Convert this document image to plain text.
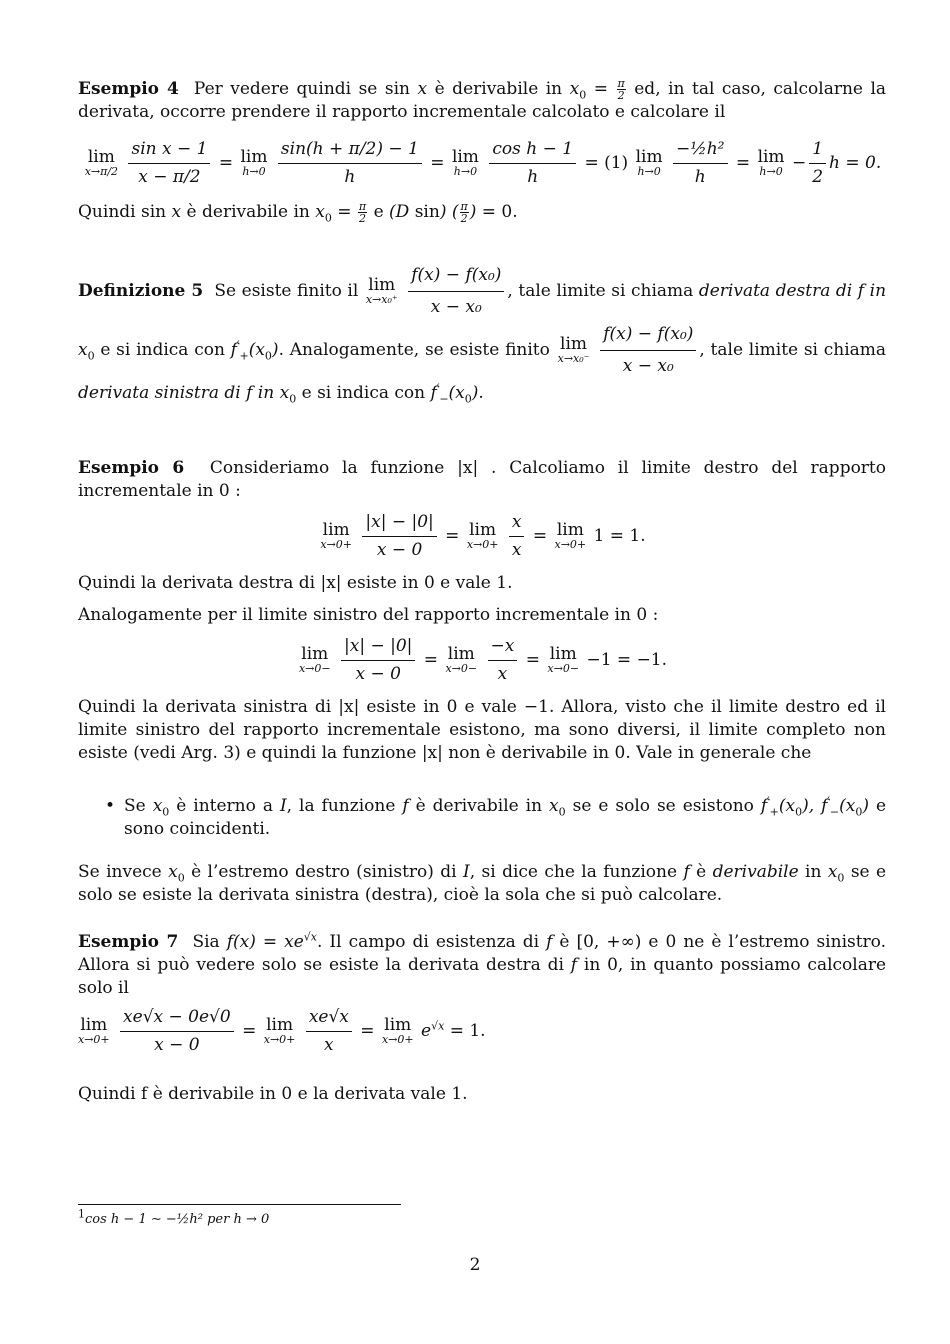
Esempio 4 Per vedere quindi se sin x è derivabile in $x_0 = \frac{\pi}{2}$ ed, in tal caso, calcolarne la derivata, occorre prendere il rapporto incrementale calcolato e calcolare il

lim
x→π/2
$\frac{\text{sin x − 1}}{x - \pi/2} = \lim$
h→0
$\frac{\sin(h + \pi/2) - 1}{h} = \lim$
h→0
$\frac{\text{cos h − 1}}{h} = (1)$ lim
h→0
$\frac{\text{−½h²}}{h} = \lim$
$h\to 0 - \frac{1}{2}$ h = 0.

Quindi sin x è derivabile in $x_0 = \frac{\pi}{2}$ e (D sin) ( $\frac{\pi}{2}$ ) = 0.

Definizione 5 Se esiste finito il lim
x→x₀⁺
$\frac{\text{f(x) − f(x₀)}}{\text{x − x₀}}$ , tale limite si chiama derivata destra di f in $x_0$ e si indica con $f'_+(x_0)$. Analogamente, se esiste finito lim
x→x₀⁻
$\frac{\text{f(x) − f(x₀)}}{\text{x − x₀}}$ , tale limite si chiama derivata sinistra di f in $x_0$ e si indica con $f'_-(x_0)$.

Esempio 6 Consideriamo la funzione |x| . Calcoliamo il limite destro del rapporto incrementale in 0 :

lim
x→0+
$\frac{|x| - |0|}{x - 0} = \lim$
x→0+
$\frac{x}{x} = \lim$
x→0+ 1 = 1.

Quindi la derivata destra di |x| esiste in 0 e vale 1.

Analogamente per il limite sinistro del rapporto incrementale in 0 :

lim
x→0−
$\frac{|x| - |0|}{x - 0} = \lim$
x→0−
$\frac{-x}{x} = \lim$
x→0− −1 = −1.

Quindi la derivata sinistra di |x| esiste in 0 e vale −1. Allora, visto che il limite destro ed il limite sinistro del rapporto incrementale esistono, ma sono diversi, il limite completo non esiste (vedi Arg. 3) e quindi la funzione |x| non è derivabile in 0. Vale in generale che

• Se $x_0$ è interno a I, la funzione f è derivabile in $x_0$ se e solo se esistono $f'_+(x_0)$, $f'_-(x_0)$ e sono coincidenti.

Se invece $x_0$ è l’estremo destro (sinistro) di I, si dice che la funzione f è derivabile in $x_0$ se e solo se esiste la derivata sinistra (destra), cioè la sola che si può calcolare.

Esempio 7 Sia $f(x) = xe^{√x}$. Il campo di esistenza di f è [0, +∞) e 0 ne è l’estremo sinistro. Allora si può vedere solo se esiste la derivata destra di f in 0, in quanto possiamo calcolare solo il

lim
x→0+
$\frac{xe√x - 0e√0}{x - 0} = \lim$
x→0+
$\frac{xe√x}{x} = \lim$
$x\to 0+ e^{√x} = 1$.

Quindi f è derivabile in 0 e la derivata vale 1.

$^1$cos h − 1 ∼ −½h² per h → 0
2
